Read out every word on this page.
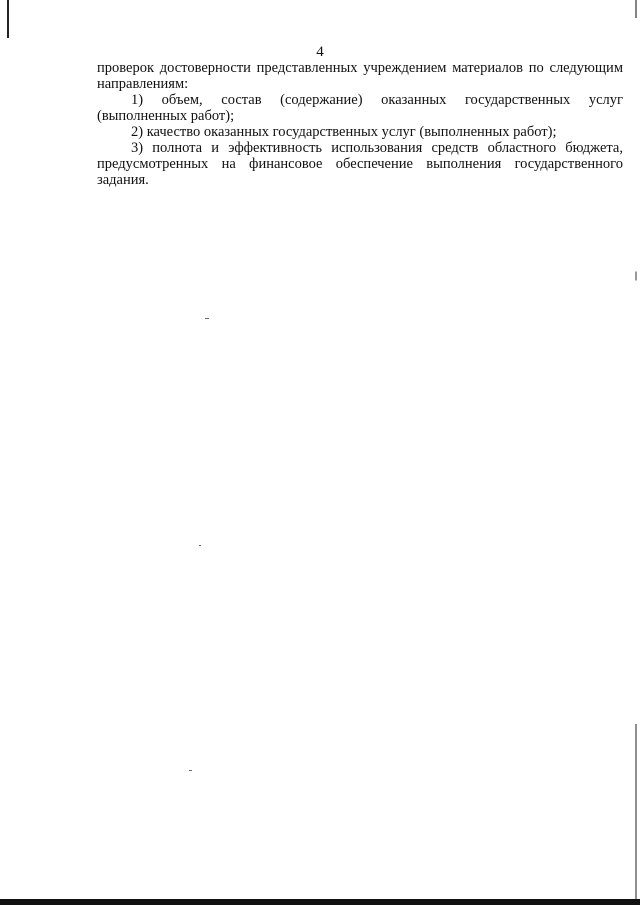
4

проверок достоверности представленных учреждением материалов по следующим направлениям:

1) объем, состав (содержание) оказанных государственных услуг (выполненных работ);

2) качество оказанных государственных услуг (выполненных работ);

3) полнота и эффективность использования средств областного бюджета, предусмотренных на финансовое обеспечение выполнения государственного задания.
